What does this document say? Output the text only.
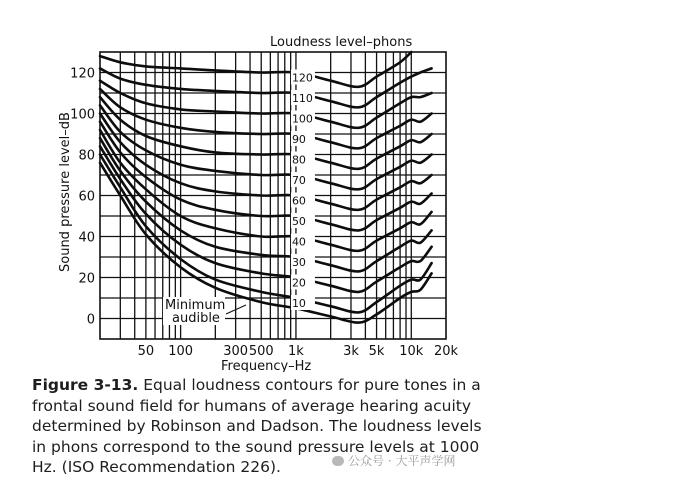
120
110
100
90
80
70
60
50
40
30
20
10
50 100 300 500 1k	3k 5k 10k 20k
0
20
40
60
80
100
120
Loudness level–phons
Frequency–Hz
Sound pressure level–dB
Minimum
audible
Figure 3-13. Equal loudness contours for pure tones in a frontal sound field for humans of average hearing acuity determined by Robinson and Dadson. The loudness levels in phons correspond to the sound pressure levels at 1000 Hz. (ISO Recommendation 226).	公众号 · 大平声学网
